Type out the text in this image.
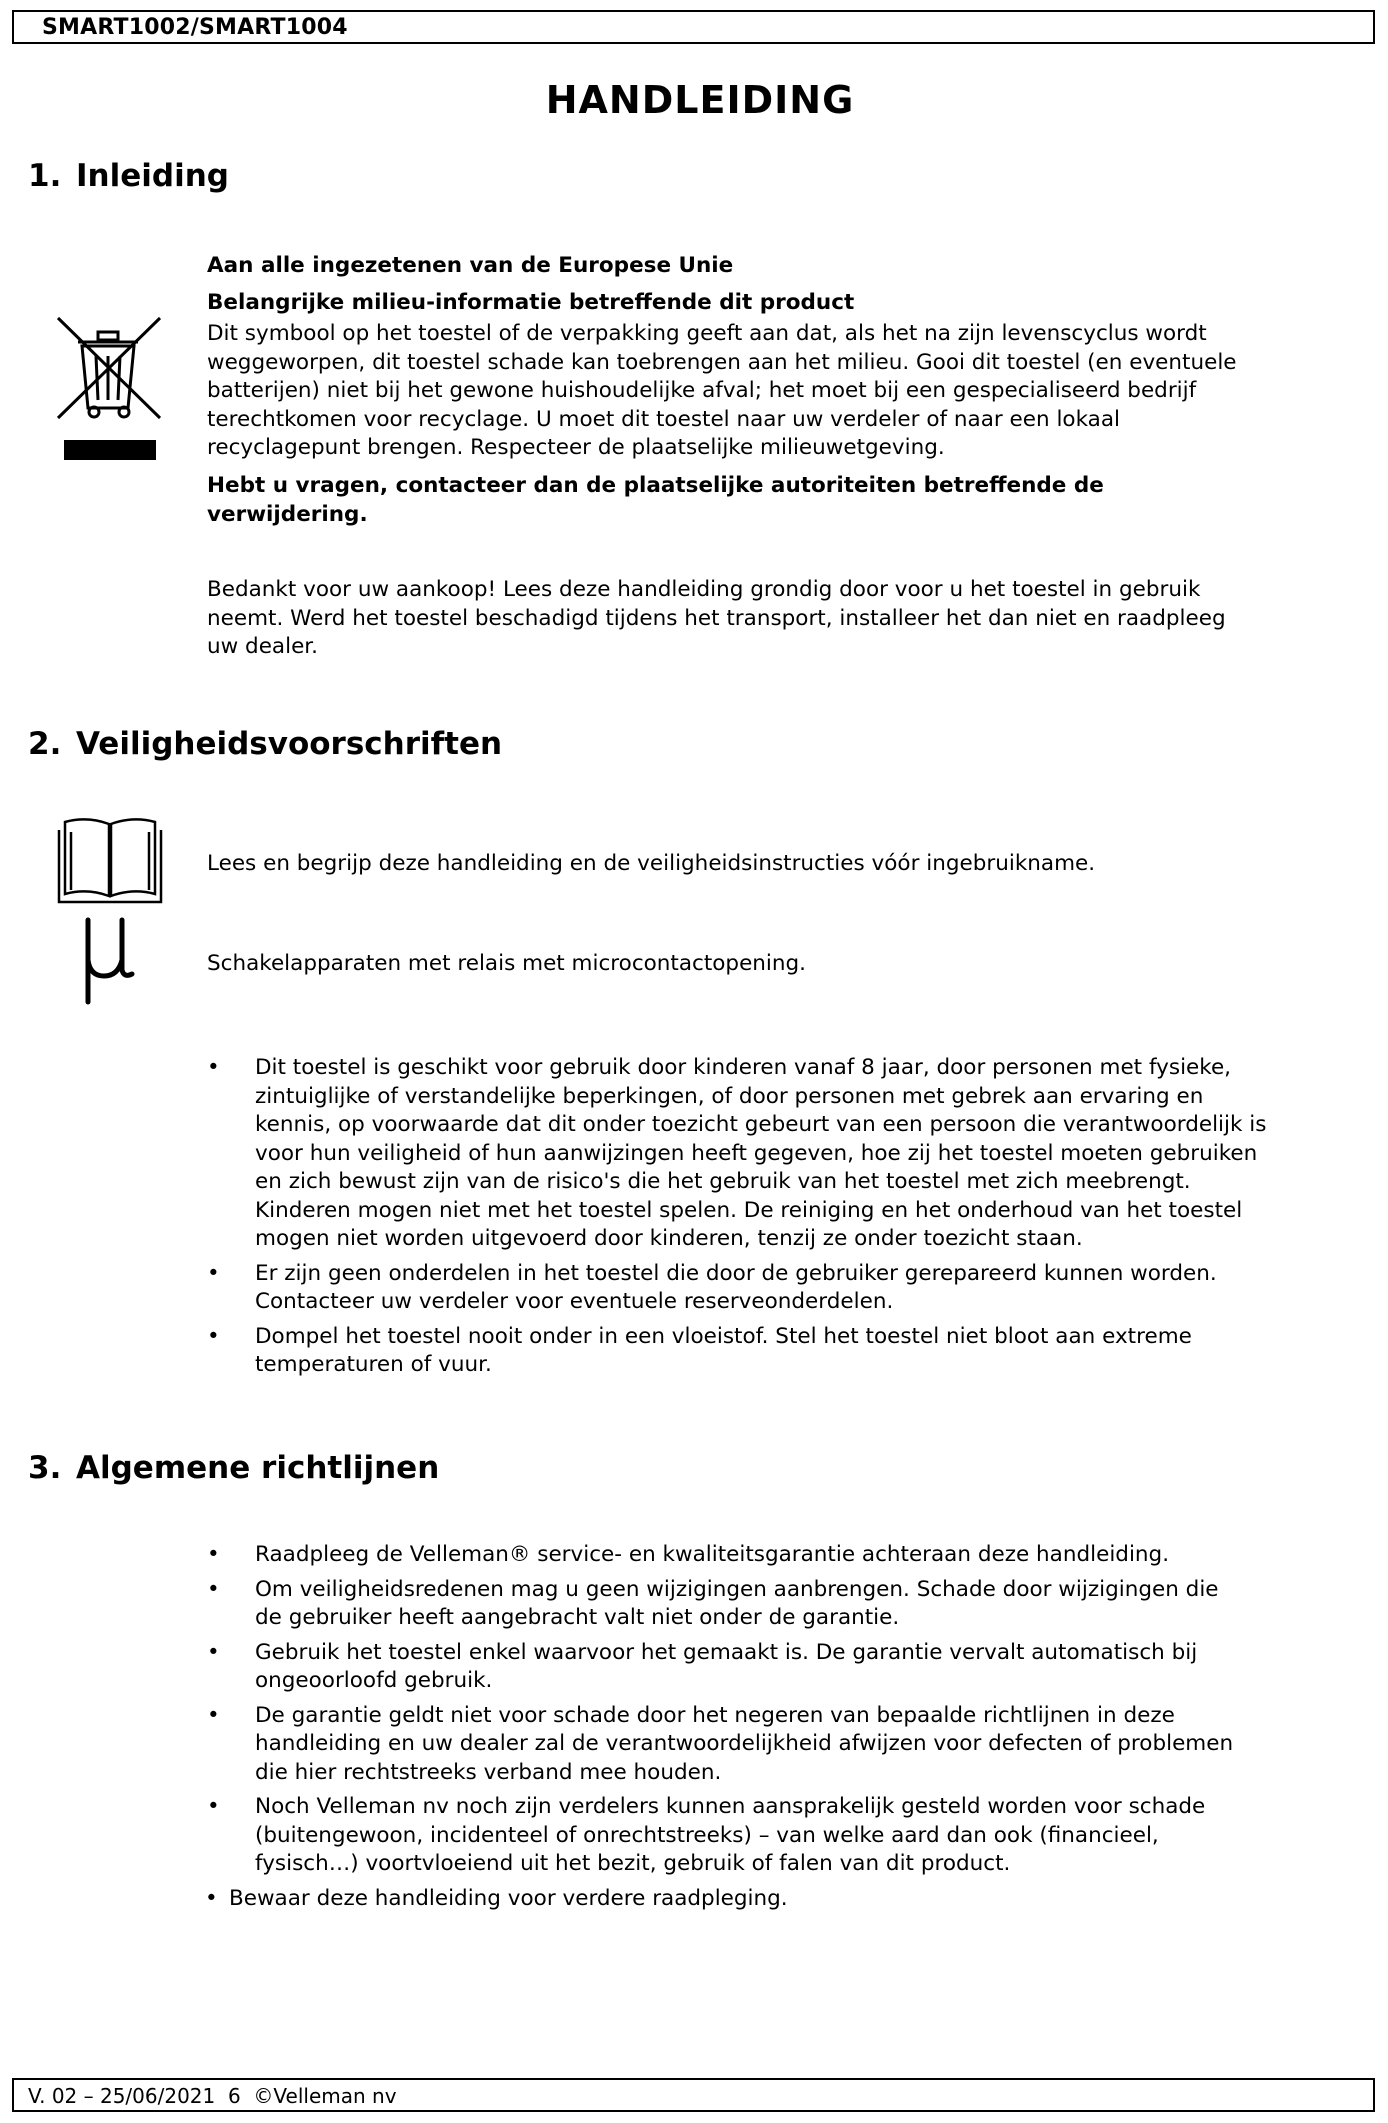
SMART1002/SMART1004
HANDLEIDING
1. Inleiding
Aan alle ingezetenen van de Europese Unie
Belangrijke milieu-informatie betreffende dit product
Dit symbool op het toestel of de verpakking geeft aan dat, als het na zijn levenscyclus wordt
weggeworpen, dit toestel schade kan toebrengen aan het milieu. Gooi dit toestel (en eventuele
batterijen) niet bij het gewone huishoudelijke afval; het moet bij een gespecialiseerd bedrijf
terechtkomen voor recyclage. U moet dit toestel naar uw verdeler of naar een lokaal
recyclagepunt brengen. Respecteer de plaatselijke milieuwetgeving.
Hebt u vragen, contacteer dan de plaatselijke autoriteiten betreffende de
verwijdering.
Bedankt voor uw aankoop! Lees deze handleiding grondig door voor u het toestel in gebruik
neemt. Werd het toestel beschadigd tijdens het transport, installeer het dan niet en raadpleeg
uw dealer.
2. Veiligheidsvoorschriften
Lees en begrijp deze handleiding en de veiligheidsinstructies vóór ingebruikname.
Schakelapparaten met relais met microcontactopening.
•	Dit toestel is geschikt voor gebruik door kinderen vanaf 8 jaar, door personen met fysieke,
zintuiglijke of verstandelijke beperkingen, of door personen met gebrek aan ervaring en
kennis, op voorwaarde dat dit onder toezicht gebeurt van een persoon die verantwoordelijk is
voor hun veiligheid of hun aanwijzingen heeft gegeven, hoe zij het toestel moeten gebruiken
en zich bewust zijn van de risico's die het gebruik van het toestel met zich meebrengt.
Kinderen mogen niet met het toestel spelen. De reiniging en het onderhoud van het toestel
mogen niet worden uitgevoerd door kinderen, tenzij ze onder toezicht staan.
•	Er zijn geen onderdelen in het toestel die door de gebruiker gerepareerd kunnen worden.
Contacteer uw verdeler voor eventuele reserveonderdelen.
•	Dompel het toestel nooit onder in een vloeistof. Stel het toestel niet bloot aan extreme
temperaturen of vuur.
3. Algemene richtlijnen
•	Raadpleeg de Velleman® service- en kwaliteitsgarantie achteraan deze handleiding.
•	Om veiligheidsredenen mag u geen wijzigingen aanbrengen. Schade door wijzigingen die
de gebruiker heeft aangebracht valt niet onder de garantie.
•	Gebruik het toestel enkel waarvoor het gemaakt is. De garantie vervalt automatisch bij
ongeoorloofd gebruik.
•	De garantie geldt niet voor schade door het negeren van bepaalde richtlijnen in deze
handleiding en uw dealer zal de verantwoordelijkheid afwijzen voor defecten of problemen
die hier rechtstreeks verband mee houden.
•	Noch Velleman nv noch zijn verdelers kunnen aansprakelijk gesteld worden voor schade
(buitengewoon, incidenteel of onrechtstreeks) – van welke aard dan ook (financieel,
fysisch…) voortvloeiend uit het bezit, gebruik of falen van dit product.
• Bewaar deze handleiding voor verdere raadpleging.
V. 02 – 25/06/2021  6  ©Velleman nv
